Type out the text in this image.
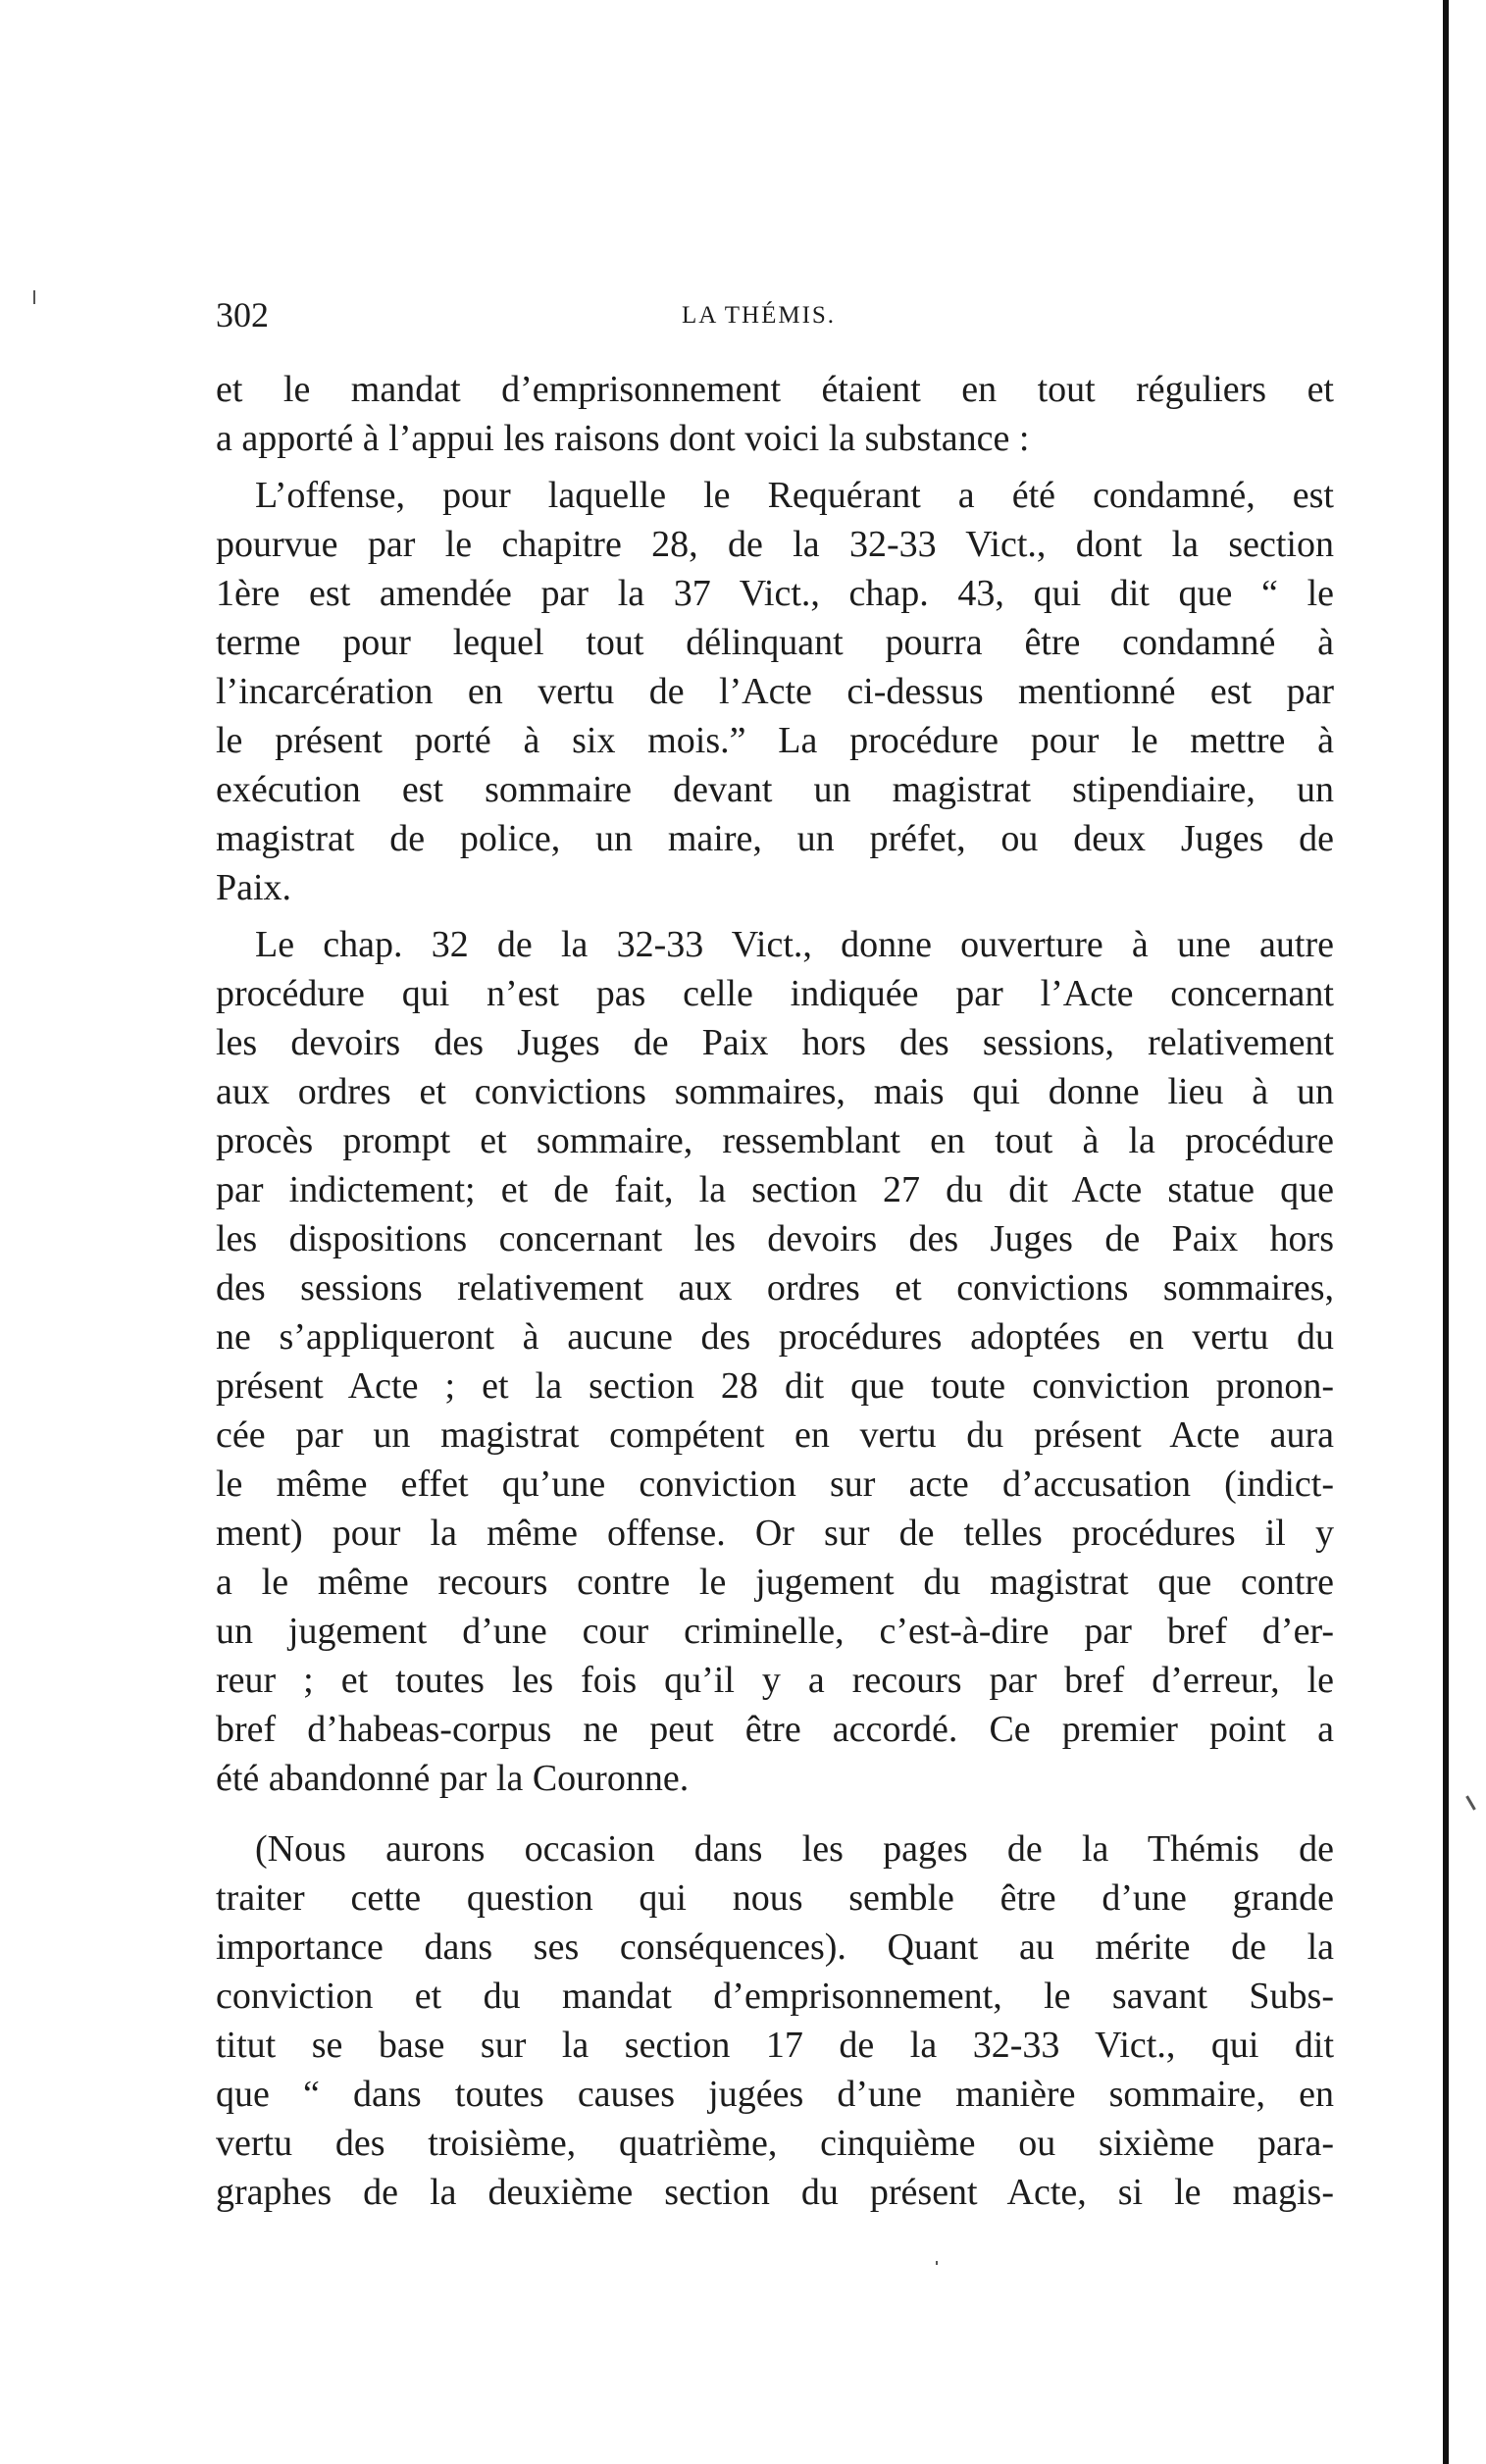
302	LA THÉMIS.
et le mandat d’emprisonnement étaient en tout réguliers et
a apporté à l’appui les raisons dont voici la substance :
L’offense, pour laquelle le Requérant a été condamné, est
pourvue par le chapitre 28, de la 32-33 Vict., dont la section
1ère est amendée par la 37 Vict., chap. 43, qui dit que “ le
terme pour lequel tout délinquant pourra être condamné à
l’incarcération en vertu de l’Acte ci-dessus mentionné est par
le présent porté à six mois.” La procédure pour le mettre à
exécution est sommaire devant un magistrat stipendiaire, un
magistrat de police, un maire, un préfet, ou deux Juges de
Paix.
Le chap. 32 de la 32-33 Vict., donne ouverture à une autre
procédure qui n’est pas celle indiquée par l’Acte concernant
les devoirs des Juges de Paix hors des sessions, relativement
aux ordres et convictions sommaires, mais qui donne lieu à un
procès prompt et sommaire, ressemblant en tout à la procédure
par indictement; et de fait, la section 27 du dit Acte statue que
les dispositions concernant les devoirs des Juges de Paix hors
des sessions relativement aux ordres et convictions sommaires,
ne s’appliqueront à aucune des procédures adoptées en vertu du
présent Acte ; et la section 28 dit que toute conviction pronon-
cée par un magistrat compétent en vertu du présent Acte aura
le même effet qu’une conviction sur acte d’accusation (indict-
ment) pour la même offense. Or sur de telles procédures il y
a le même recours contre le jugement du magistrat que contre
un jugement d’une cour criminelle, c’est-à-dire par bref d’er-
reur ; et toutes les fois qu’il y a recours par bref d’erreur, le
bref d’habeas-corpus ne peut être accordé. Ce premier point a
été abandonné par la Couronne.
(Nous aurons occasion dans les pages de la Thémis de
traiter cette question qui nous semble être d’une grande
importance dans ses conséquences). Quant au mérite de la
conviction et du mandat d’emprisonnement, le savant Subs-
titut se base sur la section 17 de la 32-33 Vict., qui dit
que “ dans toutes causes jugées d’une manière sommaire, en
vertu des troisième, quatrième, cinquième ou sixième para-
graphes de la deuxième section du présent Acte, si le magis-
